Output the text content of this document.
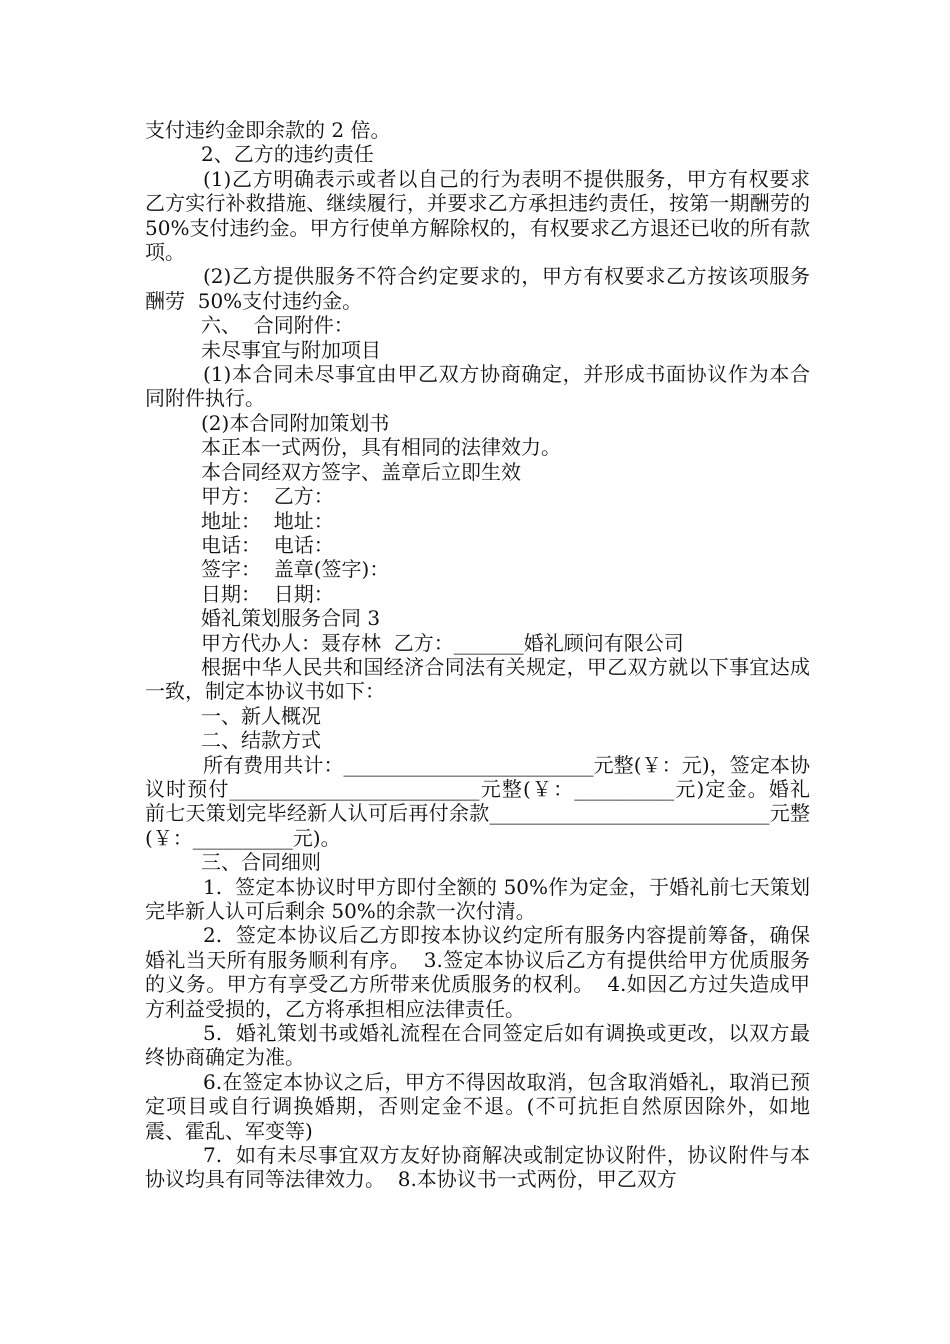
支付违约金即余款的 2 倍。

2、乙方的违约责任

(1)乙方明确表示或者以自己的行为表明不提供服务，甲方有权要求乙方实行补救措施、继续履行，并要求乙方承担违约责任，按第一期酬劳的 50%支付违约金。甲方行使单方解除权的，有权要求乙方退还已收的所有款项。

(2)乙方提供服务不符合约定要求的，甲方有权要求乙方按该项服务酬劳  50%支付违约金。

六、  合同附件：

未尽事宜与附加项目

(1)本合同未尽事宜由甲乙双方协商确定，并形成书面协议作为本合同附件执行。

(2)本合同附加策划书

本正本一式两份，具有相同的法律效力。

本合同经双方签字、盖章后立即生效

甲方：  乙方：

地址：  地址：

电话：  电话：

签字：  盖章(签字)：

日期：  日期：

婚礼策划服务合同 3

甲方代办人：聂存林  乙方：_______婚礼顾问有限公司

根据中华人民共和国经济合同法有关规定，甲乙双方就以下事宜达成一致，制定本协议书如下：

一、新人概况

二、结款方式

所有费用共计：_________________________元整(￥：元)，签定本协议时预付_________________________元整(￥：__________元)定金。婚礼前七天策划完毕经新人认可后再付余款____________________________元整(￥：__________元)。

三、合同细则

1.  签定本协议时甲方即付全额的 50%作为定金，于婚礼前七天策划完毕新人认可后剩余 50%的余款一次付清。

2.  签定本协议后乙方即按本协议约定所有服务内容提前筹备，确保婚礼当天所有服务顺利有序。  3.签定本协议后乙方有提供给甲方优质服务的义务。甲方有享受乙方所带来优质服务的权利。  4.如因乙方过失造成甲方利益受损的，乙方将承担相应法律责任。

5.  婚礼策划书或婚礼流程在合同签定后如有调换或更改，以双方最终协商确定为准。

6.在签定本协议之后，甲方不得因故取消，包含取消婚礼，取消已预定项目或自行调换婚期，否则定金不退。(不可抗拒自然原因除外，如地震、霍乱、军变等)

7.  如有未尽事宜双方友好协商解决或制定协议附件，协议附件与本协议均具有同等法律效力。  8.本协议书一式两份，甲乙双方
